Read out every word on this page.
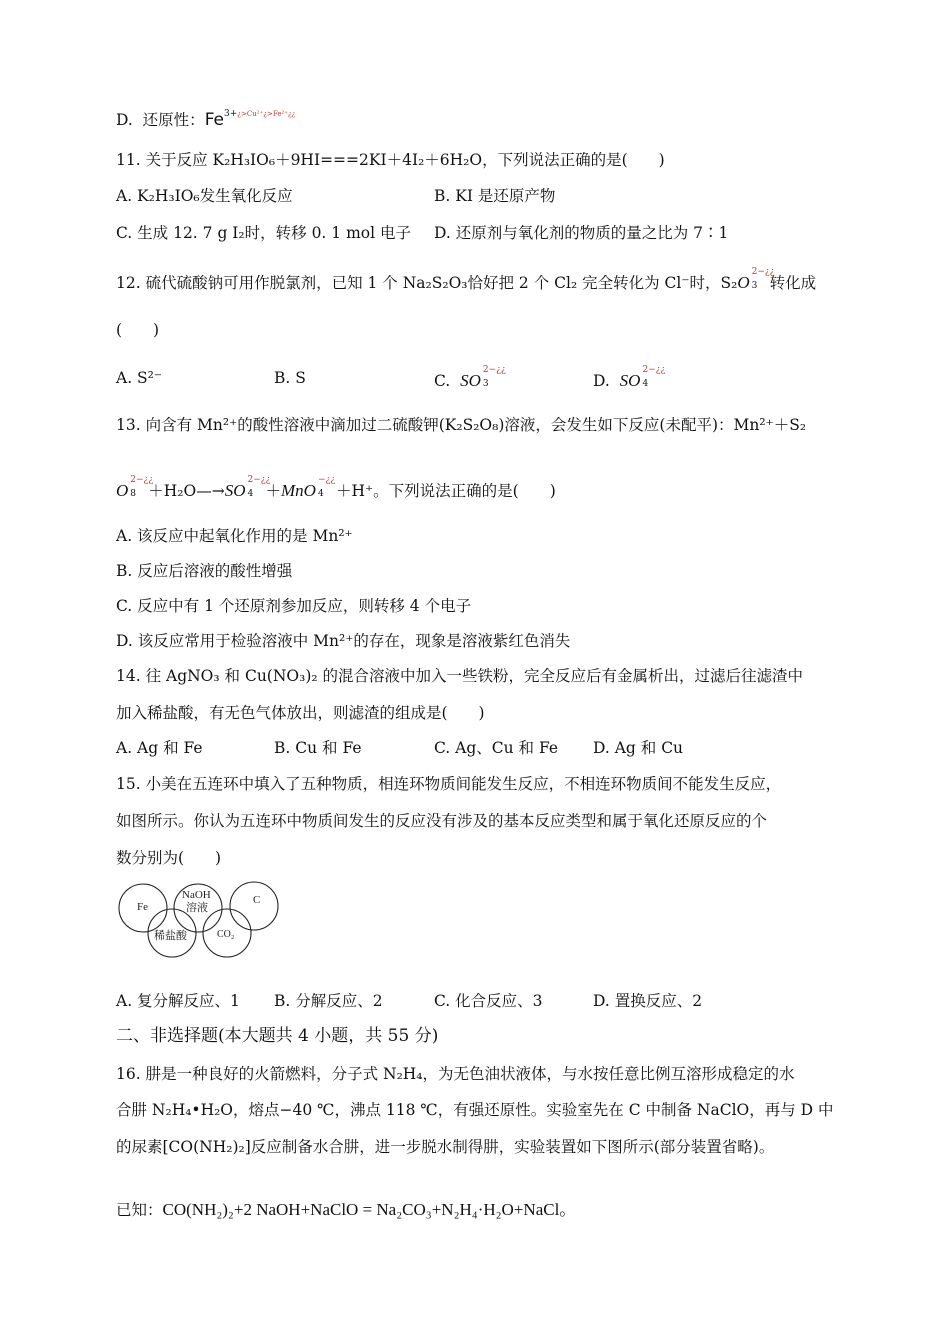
D. 还原性：$Fe^{3+¿>Cu^{2+}¿>Fe^{2+}¿¿}$
11. 关于反应 K₂H₃IO₆＋9HI===2KI＋4I₂＋6H₂O，下列说法正确的是(　　)
A. K₂H₃IO₆发生氧化反应	B. KI 是还原产物
C. 生成 12. 7 g I₂时，转移 0. 1 mol 电子 D. 还原剂与氧化剂的物质的量之比为 7∶1
12. 硫代硫酸钠可用作脱氯剂，已知 1 个 Na₂S₂O₃恰好把 2 个 Cl₂ 完全转化为 Cl⁻时，S₂O
2−¿¿
3 转化成
(　　)
A. S²⁻	B. S	C. SO
2−¿¿
3	D. SO
2−¿¿
4
13. 向含有 Mn²⁺的酸性溶液中滴加过二硫酸钾(K₂S₂O₈)溶液，会发生如下反应(未配平)：Mn²⁺＋S₂
O
2−¿¿
8 ＋H₂O—→SO
2−¿¿
4 ＋MnO
−¿¿
4 ＋H⁺。下列说法正确的是(　　)
A. 该反应中起氧化作用的是 Mn²⁺
B. 反应后溶液的酸性增强
C. 反应中有 1 个还原剂参加反应，则转移 4 个电子
D. 该反应常用于检验溶液中 Mn²⁺的存在，现象是溶液紫红色消失
14. 往 AgNO₃ 和 Cu(NO₃)₂ 的混合溶液中加入一些铁粉，完全反应后有金属析出，过滤后往滤渣中
加入稀盐酸，有无色气体放出，则滤渣的组成是(　　)
A. Ag 和 Fe	B. Cu 和 Fe	C. Ag、Cu 和 Fe D. Ag 和 Cu
15. 小美在五连环中填入了五种物质，相连环物质间能发生反应，不相连环物质间不能发生反应，
如图所示。你认为五连环中物质间发生的反应没有涉及的基本反应类型和属于氧化还原反应的个
数分别为(　　)
Fe
NaOH
溶液
C
稀盐酸	CO₂
A. 复分解反应、1 B. 分解反应、2	C. 化合反应、3	D. 置换反应、2
二、非选择题(本大题共 4 小题，共 55 分)
16. 肼是一种良好的火箭燃料，分子式 N₂H₄，为无色油状液体，与水按任意比例互溶形成稳定的水
合肼 N₂H₄•H₂O，熔点−40 ℃，沸点 118 ℃，有强还原性。实验室先在 C 中制备 NaClO，再与 D 中
的尿素[CO(NH₂)₂]反应制备水合肼，进一步脱水制得肼，实验装置如下图所示(部分装置省略)。
已知：CO(NH₂)₂+2 NaOH+NaClO = Na₂CO₃+N₂H₄·H₂O+NaCl。
